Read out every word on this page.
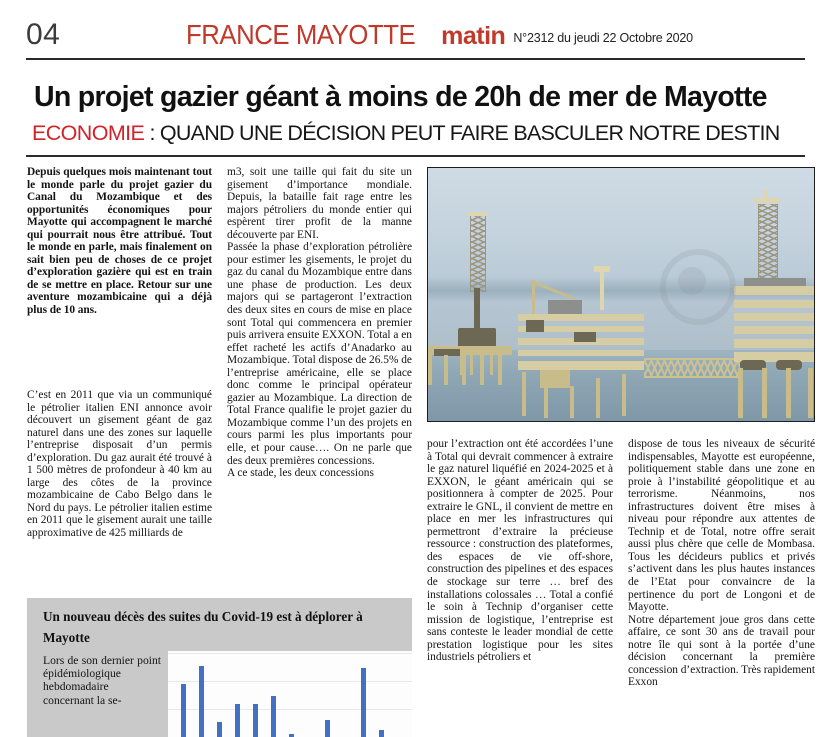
04	FRANCE MAYOTTE matin N°2312 du jeudi 22 Octobre 2020
Un projet gazier géant à moins de 20h de mer de Mayotte
ECONOMIE : QUAND UNE DÉCISION PEUT FAIRE BASCULER NOTRE DESTIN

Depuis quelques mois maintenant tout le monde parle du projet gazier du Canal du Mozambique et des opportunités économiques pour Mayotte qui accompagnent le marché qui pourrait nous être attribué. Tout le monde en parle, mais finalement on sait bien peu de choses de ce projet d’exploration gazière qui est en train de se mettre en place. Retour sur une aventure mozambicaine qui a déjà plus de 10 ans.

C’est en 2011 que via un communiqué le pétrolier italien ENI annonce avoir découvert un gisement géant de gaz naturel dans une des zones sur laquelle l’entreprise disposait d’un permis d’exploration. Du gaz aurait été trouvé à 1 500 mètres de profondeur à 40 km au large des côtes de la province mozambicaine de Cabo Belgo dans le Nord du pays. Le pétrolier italien estime en 2011 que le gisement aurait une taille approximative de 425 milliards de

m3, soit une taille qui fait du site un gisement d’importance mondiale. Depuis, la bataille fait rage entre les majors pétroliers du monde entier qui espèrent tirer profit de la manne découverte par ENI.

Passée la phase d’exploration pétrolière pour estimer les gisements, le projet du gaz du canal du Mozambique entre dans une phase de production. Les deux majors qui se partageront l’extraction des deux sites en cours de mise en place sont Total qui commencera en premier puis arrivera ensuite EXXON. Total a en effet racheté les actifs d’Anadarko au Mozambique. Total dispose de 26.5% de l’entreprise américaine, elle se place donc comme le principal opérateur gazier au Mozambique. La direction de Total France qualifie le projet gazier du Mozambique comme l’un des projets en cours parmi les plus importants pour elle, et pour cause…. On ne parle que des deux premières concessions.

A ce stade, les deux concessions

pour l’extraction ont été accordées l’une à Total qui devrait commencer à extraire le gaz naturel liquéfié en 2024-2025 et à EXXON, le géant américain qui se positionnera à compter de 2025. Pour extraire le GNL, il convient de mettre en place en mer les infrastructures qui permettront d’extraire la précieuse ressource : construction des plateformes, des espaces de vie off-shore, construction des pipelines et des espaces de stockage sur terre … bref des installations colossales … Total a confié le soin à Technip d’organiser cette mission de logistique, l’entreprise est sans conteste le leader mondial de cette prestation logistique pour les sites industriels pétroliers et

dispose de tous les niveaux de sécurité indispensables, Mayotte est européenne, politiquement stable dans une zone en proie à l’instabilité géopolitique et au terrorisme. Néanmoins, nos infrastructures doivent être mises à niveau pour répondre aux attentes de Technip et de Total, notre offre serait aussi plus chère que celle de Mombasa. Tous les décideurs publics et privés s’activent dans les plus hautes instances de l’Etat pour convaincre de la pertinence du port de Longoni et de Mayotte.

Notre département joue gros dans cette affaire, ce sont 30 ans de travail pour notre île qui sont à la portée d’une décision concernant la première concession d’extraction. Très rapidement Exxon

Un nouveau décès des suites du Covid-19 est à déplorer à Mayotte
Lors de son dernier point épidémiologique hebdomadaire concernant la se-
